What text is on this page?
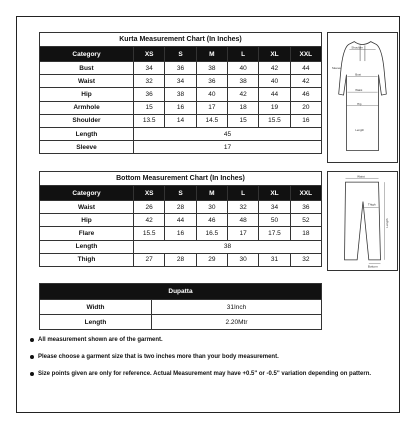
Kurta Measurement Chart (In Inches)						
Category	XS	S	M	L	XL	XXL
Bust	34	36	38	40	42	44
Waist	32	34	36	38	40	42
Hip	36	38	40	42	44	46
Armhole	15	16	17	18	19	20
Shoulder	13.5	14	14.5	15	15.5	16
Length	45					
Sleeve	17					
Shoulder
Bust
Waist
Hip
Length
Sleeve
Bottom Measurement Chart (In Inches)						
Category	XS	S	M	L	XL	XXL
Waist	26	28	30	32	34	36
Hip	42	44	46	48	50	52
Flare	15.5	16	16.5	17	17.5	18
Length	38					
Thigh	27	28	29	30	31	32
Waist
Thigh
Length
Bottom
Dupatta	
Width	31Inch
Length	2.20Mtr
All measurement shown are of the garment.
Please choose a garment size that is two inches more than your body measurement.
Size points given are only for reference. Actual Measurement may have +0.5" or -0.5" variation depending on pattern.
